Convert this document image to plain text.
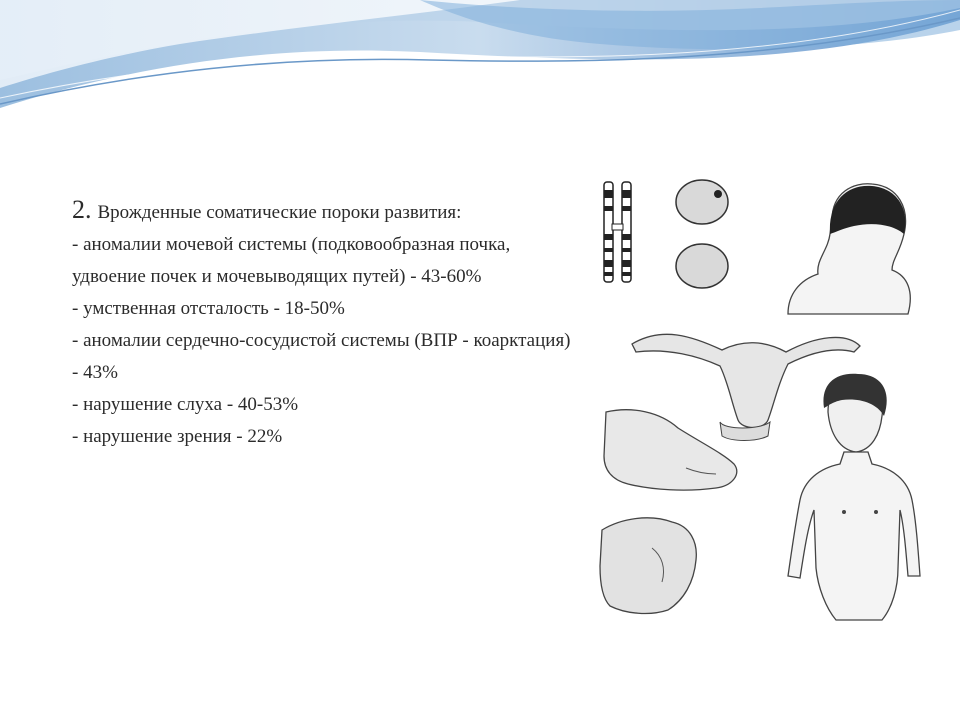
2. Врожденные соматические пороки развития:

- аномалии мочевой системы (подковообразная почка, удвоение почек и мочевыводящих путей) - 43-60%

- умственная отсталость - 18-50%

- аномалии сердечно-сосудистой системы (ВПР - коарктация) - 43%

- нарушение слуха - 40-53%

- нарушение зрения - 22%
